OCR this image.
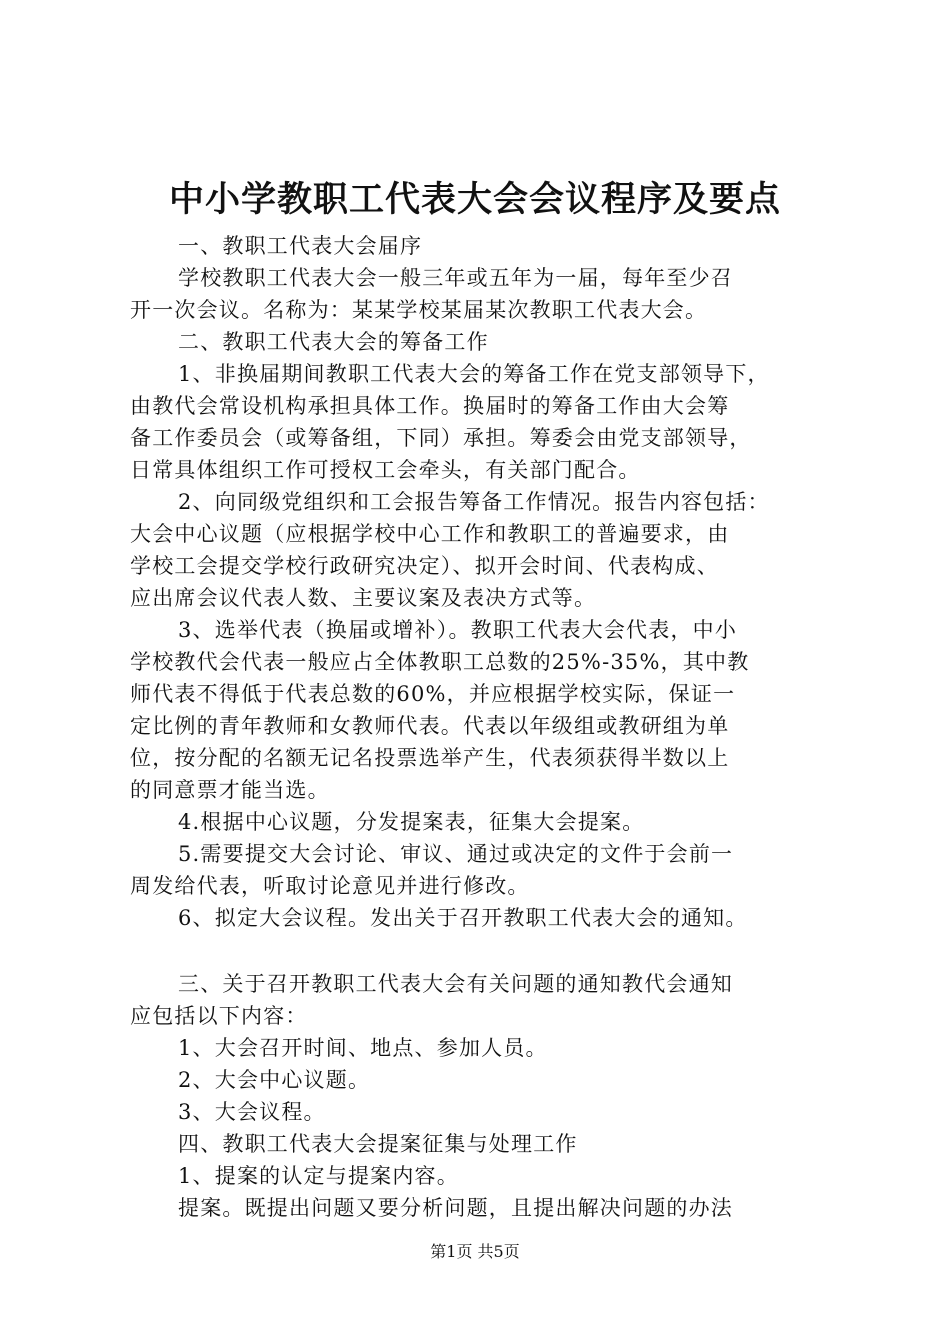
中小学教职工代表大会会议程序及要点
一、教职工代表大会届序
学校教职工代表大会一般三年或五年为一届，每年至少召
开一次会议。名称为：某某学校某届某次教职工代表大会。
二、教职工代表大会的筹备工作
1、非换届期间教职工代表大会的筹备工作在党支部领导下，
由教代会常设机构承担具体工作。换届时的筹备工作由大会筹
备工作委员会（或筹备组，下同）承担。筹委会由党支部领导，
日常具体组织工作可授权工会牵头，有关部门配合。
2、向同级党组织和工会报告筹备工作情况。报告内容包括：
大会中心议题（应根据学校中心工作和教职工的普遍要求，由
学校工会提交学校行政研究决定）、拟开会时间、代表构成、
应出席会议代表人数、主要议案及表决方式等。
3、选举代表（换届或增补）。教职工代表大会代表，中小
学校教代会代表一般应占全体教职工总数的25%-35%，其中教
师代表不得低于代表总数的60%，并应根据学校实际，保证一
定比例的青年教师和女教师代表。代表以年级组或教研组为单
位，按分配的名额无记名投票选举产生，代表须获得半数以上
的同意票才能当选。
4.根据中心议题，分发提案表，征集大会提案。
5.需要提交大会讨论、审议、通过或决定的文件于会前一
周发给代表，听取讨论意见并进行修改。
6、拟定大会议程。发出关于召开教职工代表大会的通知。
三、关于召开教职工代表大会有关问题的通知教代会通知
应包括以下内容：
1、大会召开时间、地点、参加人员。
2、大会中心议题。
3、大会议程。
四、教职工代表大会提案征集与处理工作
1、提案的认定与提案内容。
提案。既提出问题又要分析问题，且提出解决问题的办法
第1页 共5页
